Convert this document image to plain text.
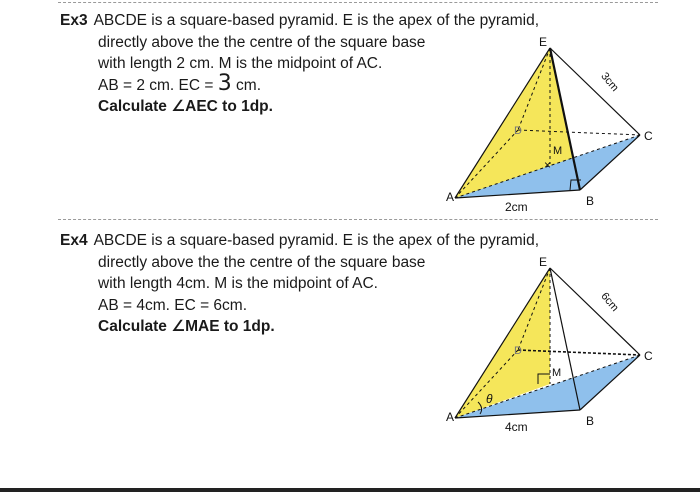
Ex3 ABCDE is a square-based pyramid. E is the apex of the pyramid,
directly above the the centre of the square base
with length 2 cm. M is the midpoint of AC.
AB = 2 cm. EC = 3 cm.
Calculate ∠AEC to 1dp.
×
E
A	B
C
D
M
2cm
3cm
Ex4 ABCDE is a square-based pyramid. E is the apex of the pyramid,
directly above the the centre of the square base
with length 4cm. M is the midpoint of AC.
AB = 4cm. EC = 6cm.
Calculate ∠MAE to 1dp.
θ
E
A	B
C
D
M
4cm
6cm
